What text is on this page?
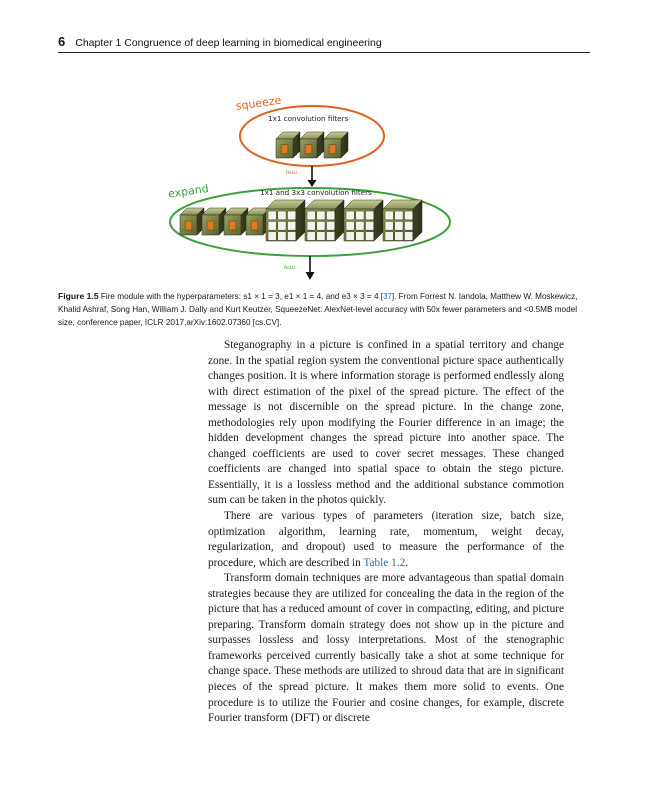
6 Chapter 1 Congruence of deep learning in biomedical engineering
squeeze
1x1 convolution filters
ReLU
expand	1x1 and 3x3 convolution filters
ReLU
Figure 1.5 Fire module with the hyperparameters: s1 × 1 = 3, e1 × 1 = 4, and e3 × 3 = 4 [37]. From Forrest N. Iandola, Matthew W. Moskewicz, Khalid Ashraf, Song Han, William J. Dally and Kurt Keutzer, SqueezeNet: AlexNet-level accuracy with 50x fewer parameters and <0.5MB model size, conference paper, ICLR 2017,arXiv:1602.07360 [cs.CV].

Steganography in a picture is confined in a spatial territory and change zone. In the spatial region system the conventional picture space authentically changes position. It is where information storage is performed endlessly along with direct estimation of the pixel of the spread picture. The effect of the message is not discernible on the spread picture. In the change zone, methodologies rely upon modifying the Fourier difference in an image; the hidden development changes the spread picture into another space. The changed coefficients are used to cover secret messages. These changed coefficients are changed into spatial space to obtain the stego picture. Essentially, it is a lossless method and the additional substance commotion sum can be taken in the photos quickly.

There are various types of parameters (iteration size, batch size, optimization algorithm, learning rate, momentum, weight decay, regularization, and dropout) used to measure the performance of the procedure, which are described in Table 1.2.

Transform domain techniques are more advantageous than spatial domain strategies because they are utilized for concealing the data in the region of the picture that has a reduced amount of cover in compacting, editing, and picture preparing. Transform domain strategy does not show up in the picture and surpasses lossless and lossy interpretations. Most of the stenographic frameworks perceived currently basically take a shot at some technique for change space. These methods are utilized to shroud data that are in significant pieces of the spread picture. It makes them more solid to events. One procedure is to utilize the Fourier and cosine changes, for example, discrete Fourier transform (DFT) or discrete
